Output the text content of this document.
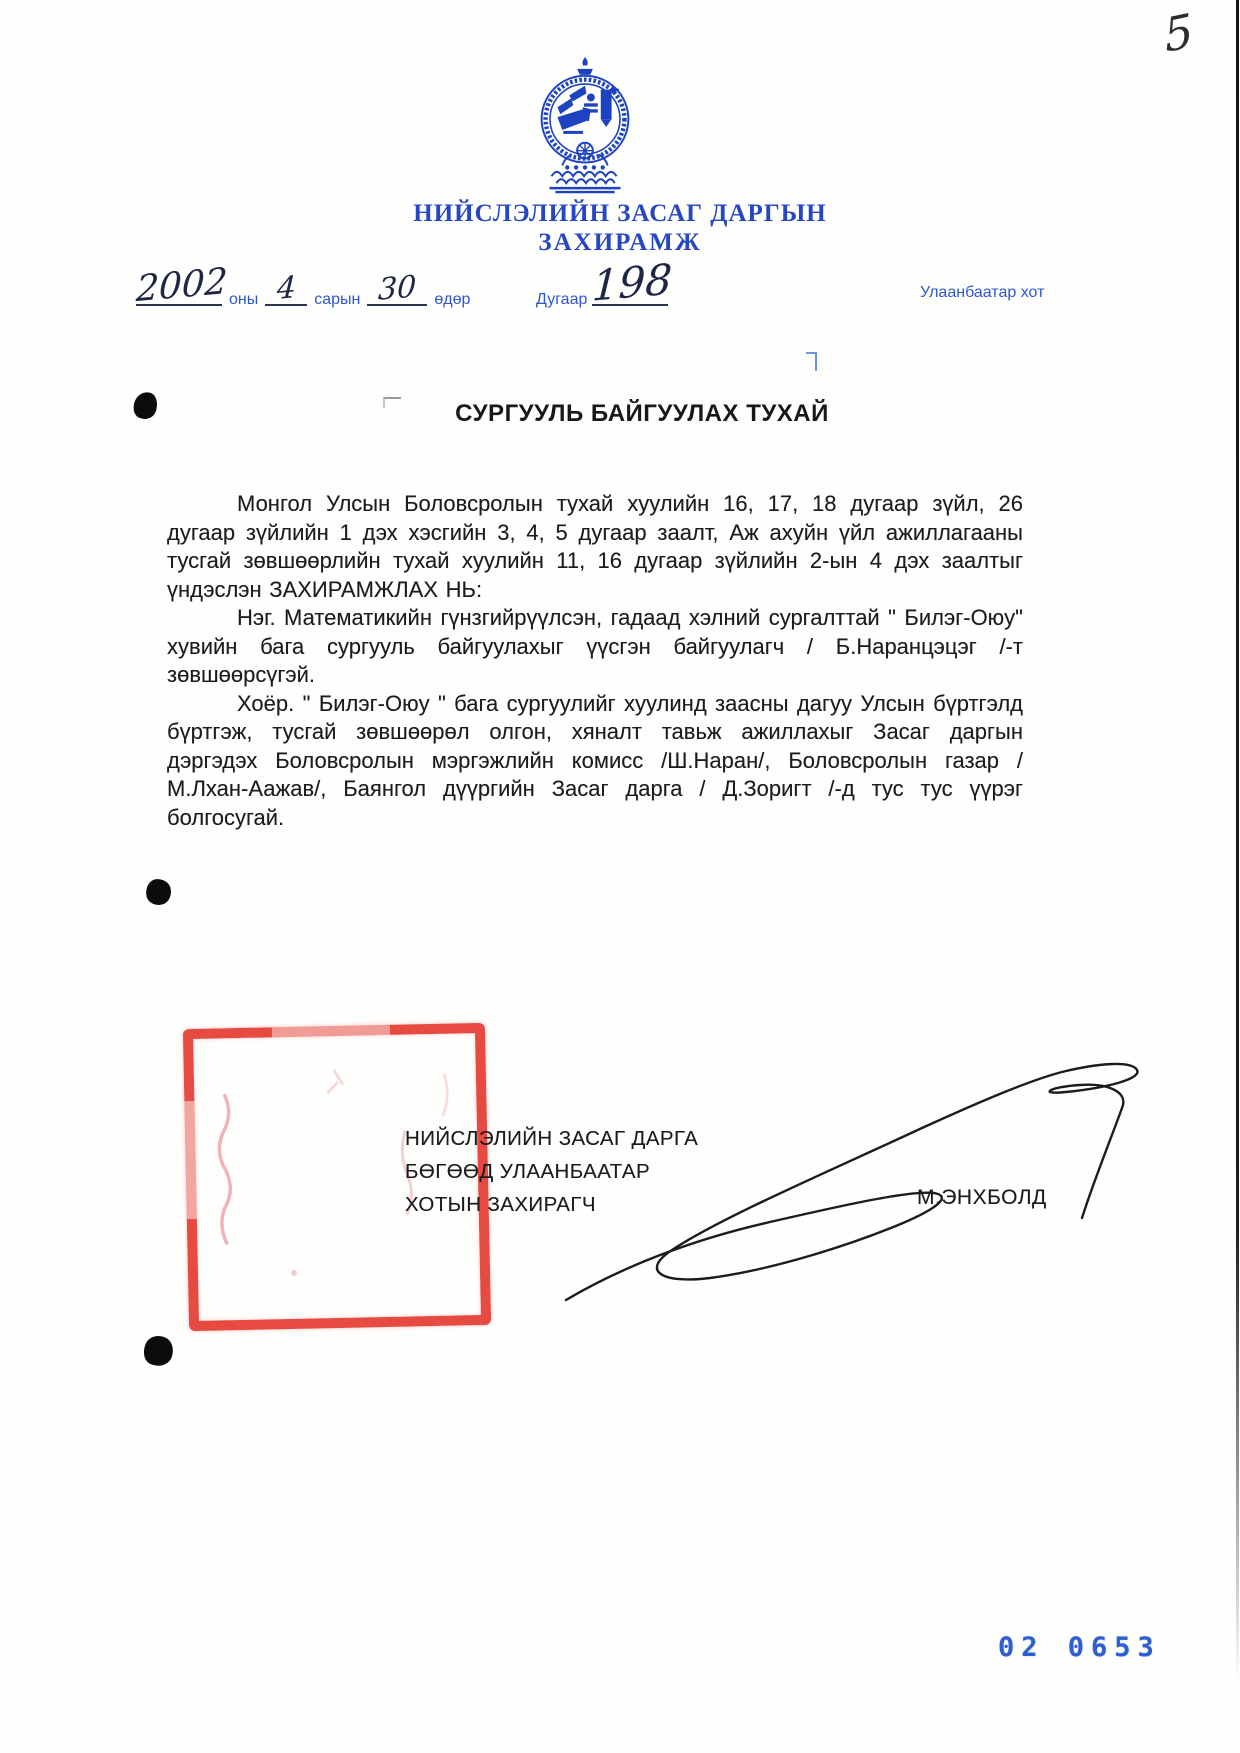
5
НИЙСЛЭЛИЙН ЗАСАГ ДАРГЫН
ЗАХИРАМЖ
2002 оны 4	сарын 30	өдөр	Дугаар 198	Улаанбаатар хот
СУРГУУЛЬ БАЙГУУЛАХ ТУХАЙ

Монгол Улсын Боловсролын тухай хуулийн 16, 17, 18 дугаар зүйл, 26 дугаар зүйлийн 1 дэх хэсгийн 3, 4, 5 дугаар заалт, Аж ахуйн үйл ажиллагааны тусгай зөвшөөрлийн тухай хуулийн 11, 16 дугаар зүйлийн 2-ын 4 дэх заалтыг үндэслэн ЗАХИРАМЖЛАХ НЬ:

Нэг. Математикийн гүнзгийрүүлсэн, гадаад хэлний сургалттай " Билэг-Оюу" хувийн бага сургууль байгуулахыг үүсгэн байгуулагч / Б.Наранцэцэг /-т зөвшөөрсүгэй.

Хоёр. " Билэг-Оюу " бага сургуулийг хуулинд заасны дагуу Улсын бүртгэлд бүртгэж, тусгай зөвшөөрөл олгон, хяналт тавьж ажиллахыг Засаг даргын дэргэдэх Боловсролын мэргэжлийн комисс /Ш.Наран/, Боловсролын газар /М.Лхан-Аажав/, Баянгол дүүргийн Засаг дарга / Д.Зоригт /-д тус тус үүрэг болгосугай.

НИЙСЛЭЛИЙН ЗАСАГ ДАРГА
БӨГӨӨД УЛААНБААТАР
ХОТЫН ЗАХИРАГЧ	М.ЭНХБОЛД
02 0653
